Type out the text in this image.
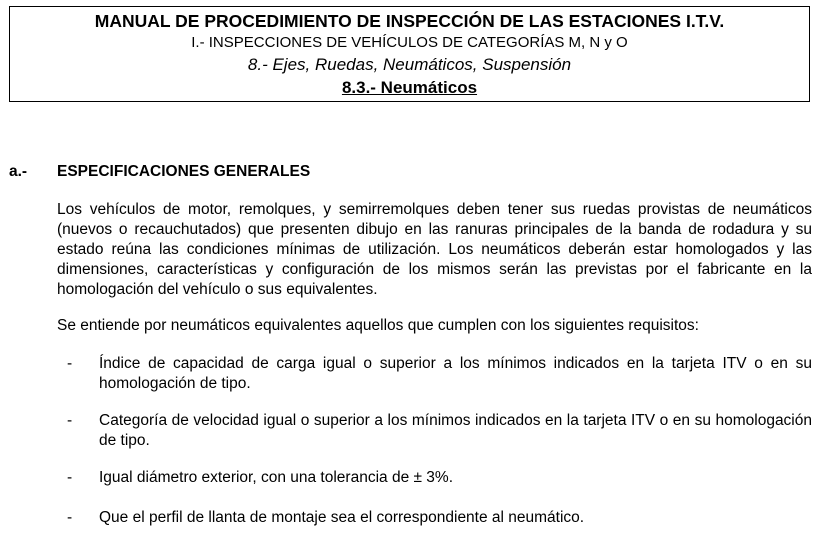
MANUAL DE PROCEDIMIENTO DE INSPECCIÓN DE LAS ESTACIONES I.T.V.
I.- INSPECCIONES DE VEHÍCULOS DE CATEGORÍAS M, N y O
8.- Ejes, Ruedas, Neumáticos, Suspensión
8.3.- Neumáticos
a.- ESPECIFICACIONES GENERALES

Los vehículos de motor, remolques, y semirremolques deben tener sus ruedas provistas de neumáticos (nuevos o recauchutados) que presenten dibujo en las ranuras principales de la banda de rodadura y su estado reúna las condiciones mínimas de utilización. Los neumáticos deberán estar homologados y las dimensiones, características y configuración de los mismos serán las previstas por el fabricante en la homologación del vehículo o sus equivalentes.

Se entiende por neumáticos equivalentes aquellos que cumplen con los siguientes requisitos:

- Índice de capacidad de carga igual o superior a los mínimos indicados en la tarjeta ITV o en su homologación de tipo.
- Categoría de velocidad igual o superior a los mínimos indicados en la tarjeta ITV o en su homologación de tipo.
- Igual diámetro exterior, con una tolerancia de ± 3%.
- Que el perfil de llanta de montaje sea el correspondiente al neumático.
